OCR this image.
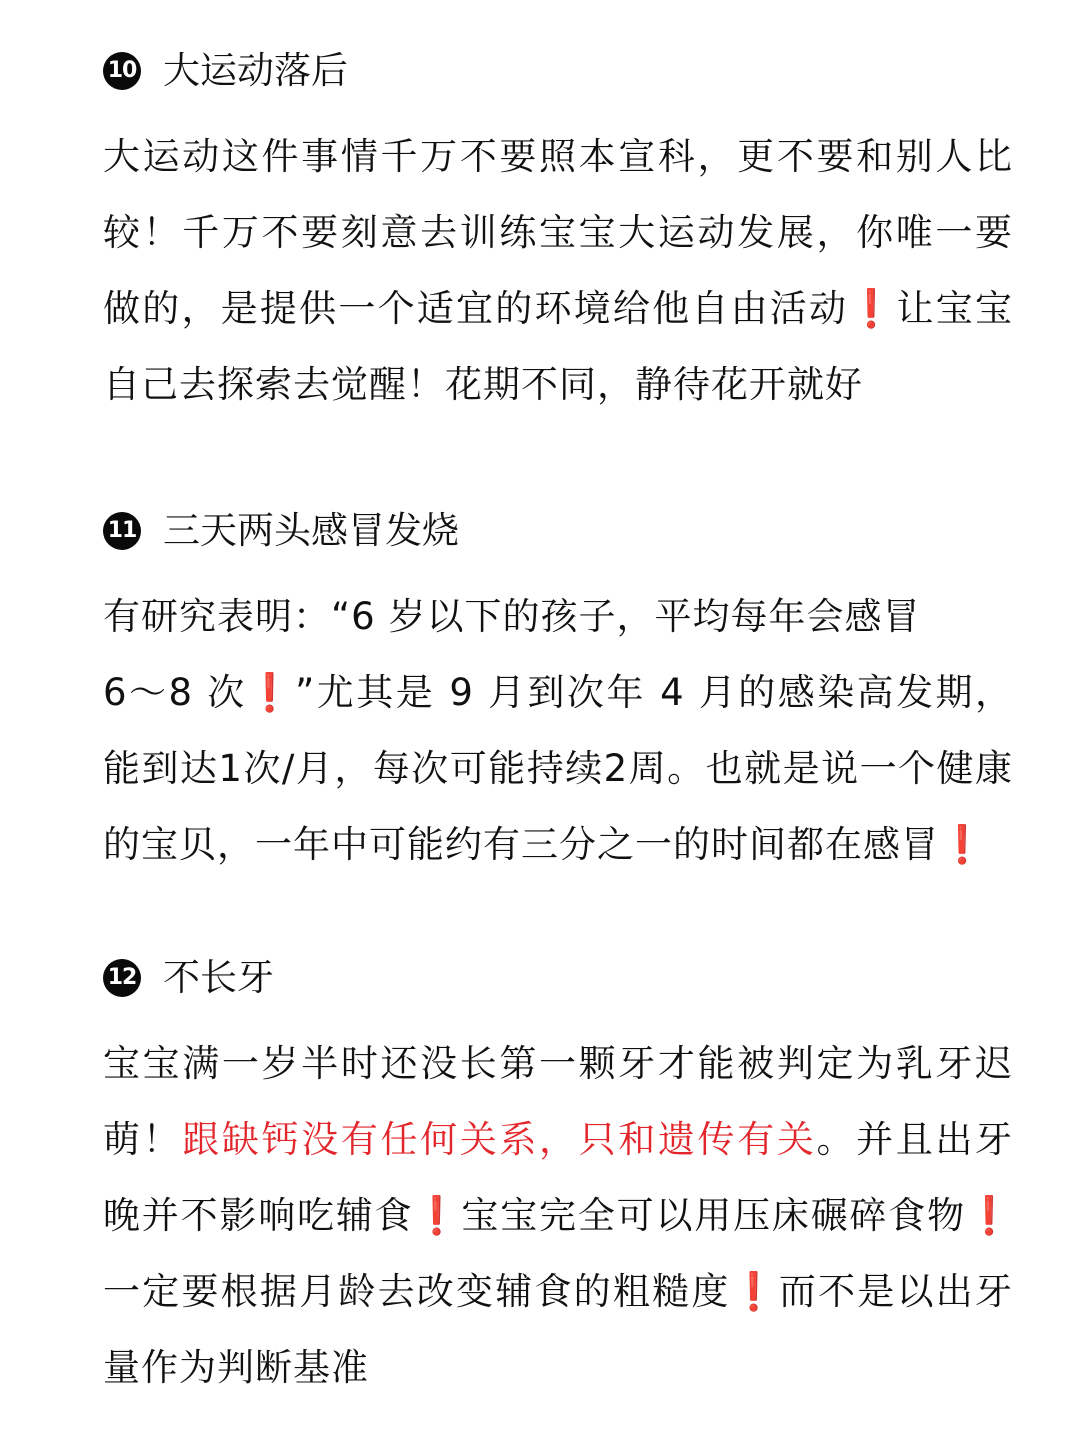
10 大运动落后
大运动这件事情千万不要照本宣科，更不要和别人比较！千万不要刻意去训练宝宝大运动发展，你唯一要做的，是提供一个适宜的环境给他自由活动❗让宝宝自己去探索去觉醒！花期不同，静待花开就好
11 三天两头感冒发烧
有研究表明：“6 岁以下的孩子，平均每年会感冒
6～8 次❗”尤其是 9 月到次年 4 月的感染高发期，能到达1次/月，每次可能持续2周。也就是说一个健康的宝贝，一年中可能约有三分之一的时间都在感冒❗
12 不长牙
宝宝满一岁半时还没长第一颗牙才能被判定为乳牙迟萌！跟缺钙没有任何关系，只和遗传有关。并且出牙晚并不影响吃辅食❗宝宝完全可以用压床碾碎食物❗一定要根据月龄去改变辅食的粗糙度❗而不是以出牙量作为判断基准
